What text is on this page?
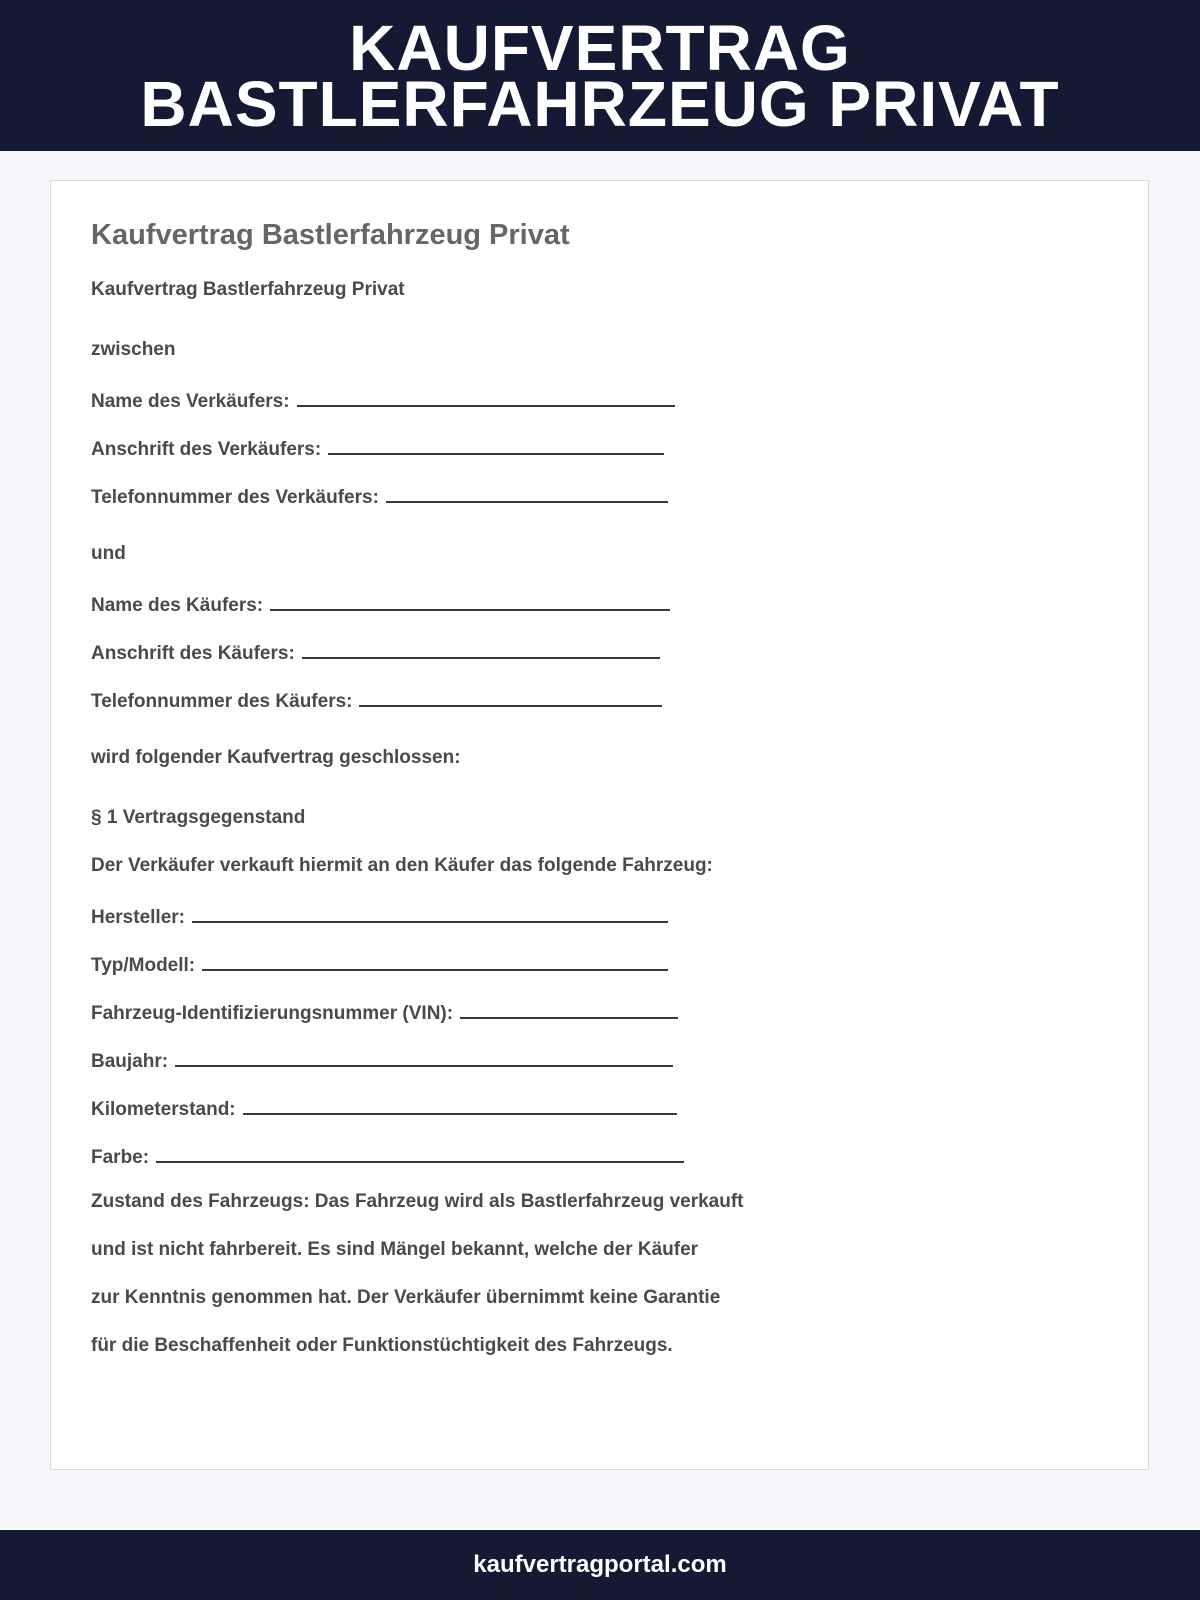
KAUFVERTRAG
BASTLERFAHRZEUG PRIVAT
Kaufvertrag Bastlerfahrzeug Privat

Kaufvertrag Bastlerfahrzeug Privat

zwischen

Name des Verkäufers:

Anschrift des Verkäufers:

Telefonnummer des Verkäufers:

und

Name des Käufers:

Anschrift des Käufers:

Telefonnummer des Käufers:

wird folgender Kaufvertrag geschlossen:

§ 1 Vertragsgegenstand

Der Verkäufer verkauft hiermit an den Käufer das folgende Fahrzeug:

Hersteller:

Typ/Modell:

Fahrzeug-Identifizierungsnummer (VIN):

Baujahr:

Kilometerstand:

Farbe:

Zustand des Fahrzeugs: Das Fahrzeug wird als Bastlerfahrzeug verkauft

und ist nicht fahrbereit. Es sind Mängel bekannt, welche der Käufer

zur Kenntnis genommen hat. Der Verkäufer übernimmt keine Garantie

für die Beschaffenheit oder Funktionstüchtigkeit des Fahrzeugs.

kaufvertragportal.com
